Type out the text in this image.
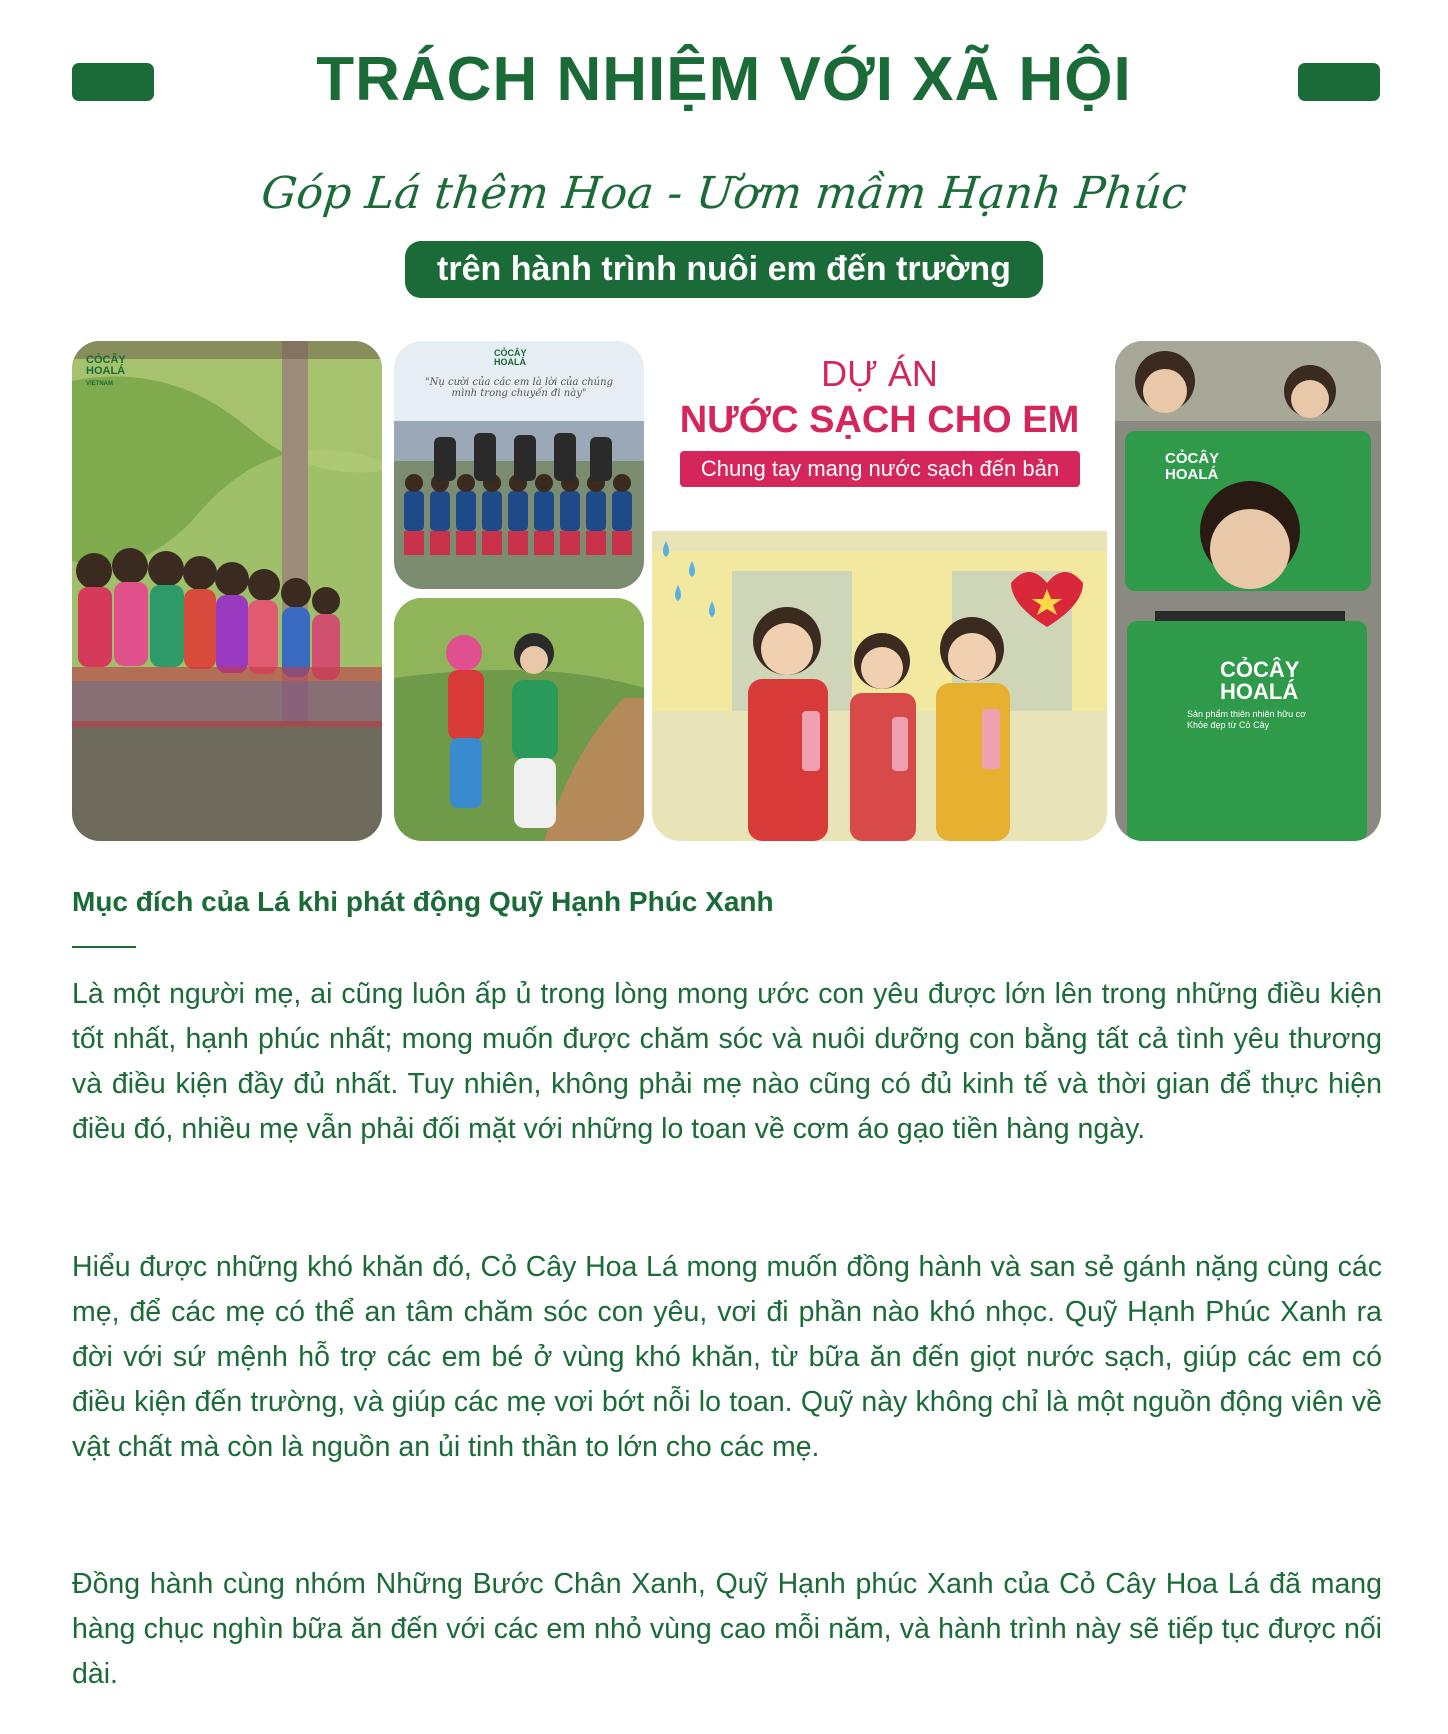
TRÁCH NHIỆM VỚI XÃ HỘI
Góp Lá thêm Hoa - Ươm mầm Hạnh Phúc
trên hành trình nuôi em đến trường
CỎCÂY
HOALÁ
VIETNAM
CỎCÂY
HOALÁ
"Nụ cười của các em là lời của chúng mình trong chuyến đi này"	DỰ ÁN
NƯỚC SẠCH CHO EM
Chung tay mang nước sạch đến bản	CỎCÂY
HOALÁ
CỎCÂY
HOALÁ
Sản phẩm thiên nhiên hữu cơ
Khỏe đẹp từ Cỏ Cây
Mục đích của Lá khi phát động Quỹ Hạnh Phúc Xanh

Là một người mẹ, ai cũng luôn ấp ủ trong lòng mong ước con yêu được lớn lên trong những điều kiện tốt nhất, hạnh phúc nhất; mong muốn được chăm sóc và nuôi dưỡng con bằng tất cả tình yêu thương và điều kiện đầy đủ nhất. Tuy nhiên, không phải mẹ nào cũng có đủ kinh tế và thời gian để thực hiện điều đó, nhiều mẹ vẫn phải đối mặt với những lo toan về cơm áo gạo tiền hàng ngày.

Hiểu được những khó khăn đó, Cỏ Cây Hoa Lá mong muốn đồng hành và san sẻ gánh nặng cùng các mẹ, để các mẹ có thể an tâm chăm sóc con yêu, vơi đi phần nào khó nhọc. Quỹ Hạnh Phúc Xanh ra đời với sứ mệnh hỗ trợ các em bé ở vùng khó khăn, từ bữa ăn đến giọt nước sạch, giúp các em có điều kiện đến trường, và giúp các mẹ vơi bớt nỗi lo toan. Quỹ này không chỉ là một nguồn động viên về vật chất mà còn là nguồn an ủi tinh thần to lớn cho các mẹ.

Đồng hành cùng nhóm Những Bước Chân Xanh, Quỹ Hạnh phúc Xanh của Cỏ Cây Hoa Lá đã mang hàng chục nghìn bữa ăn đến với các em nhỏ vùng cao mỗi năm, và hành trình này sẽ tiếp tục được nối dài.
